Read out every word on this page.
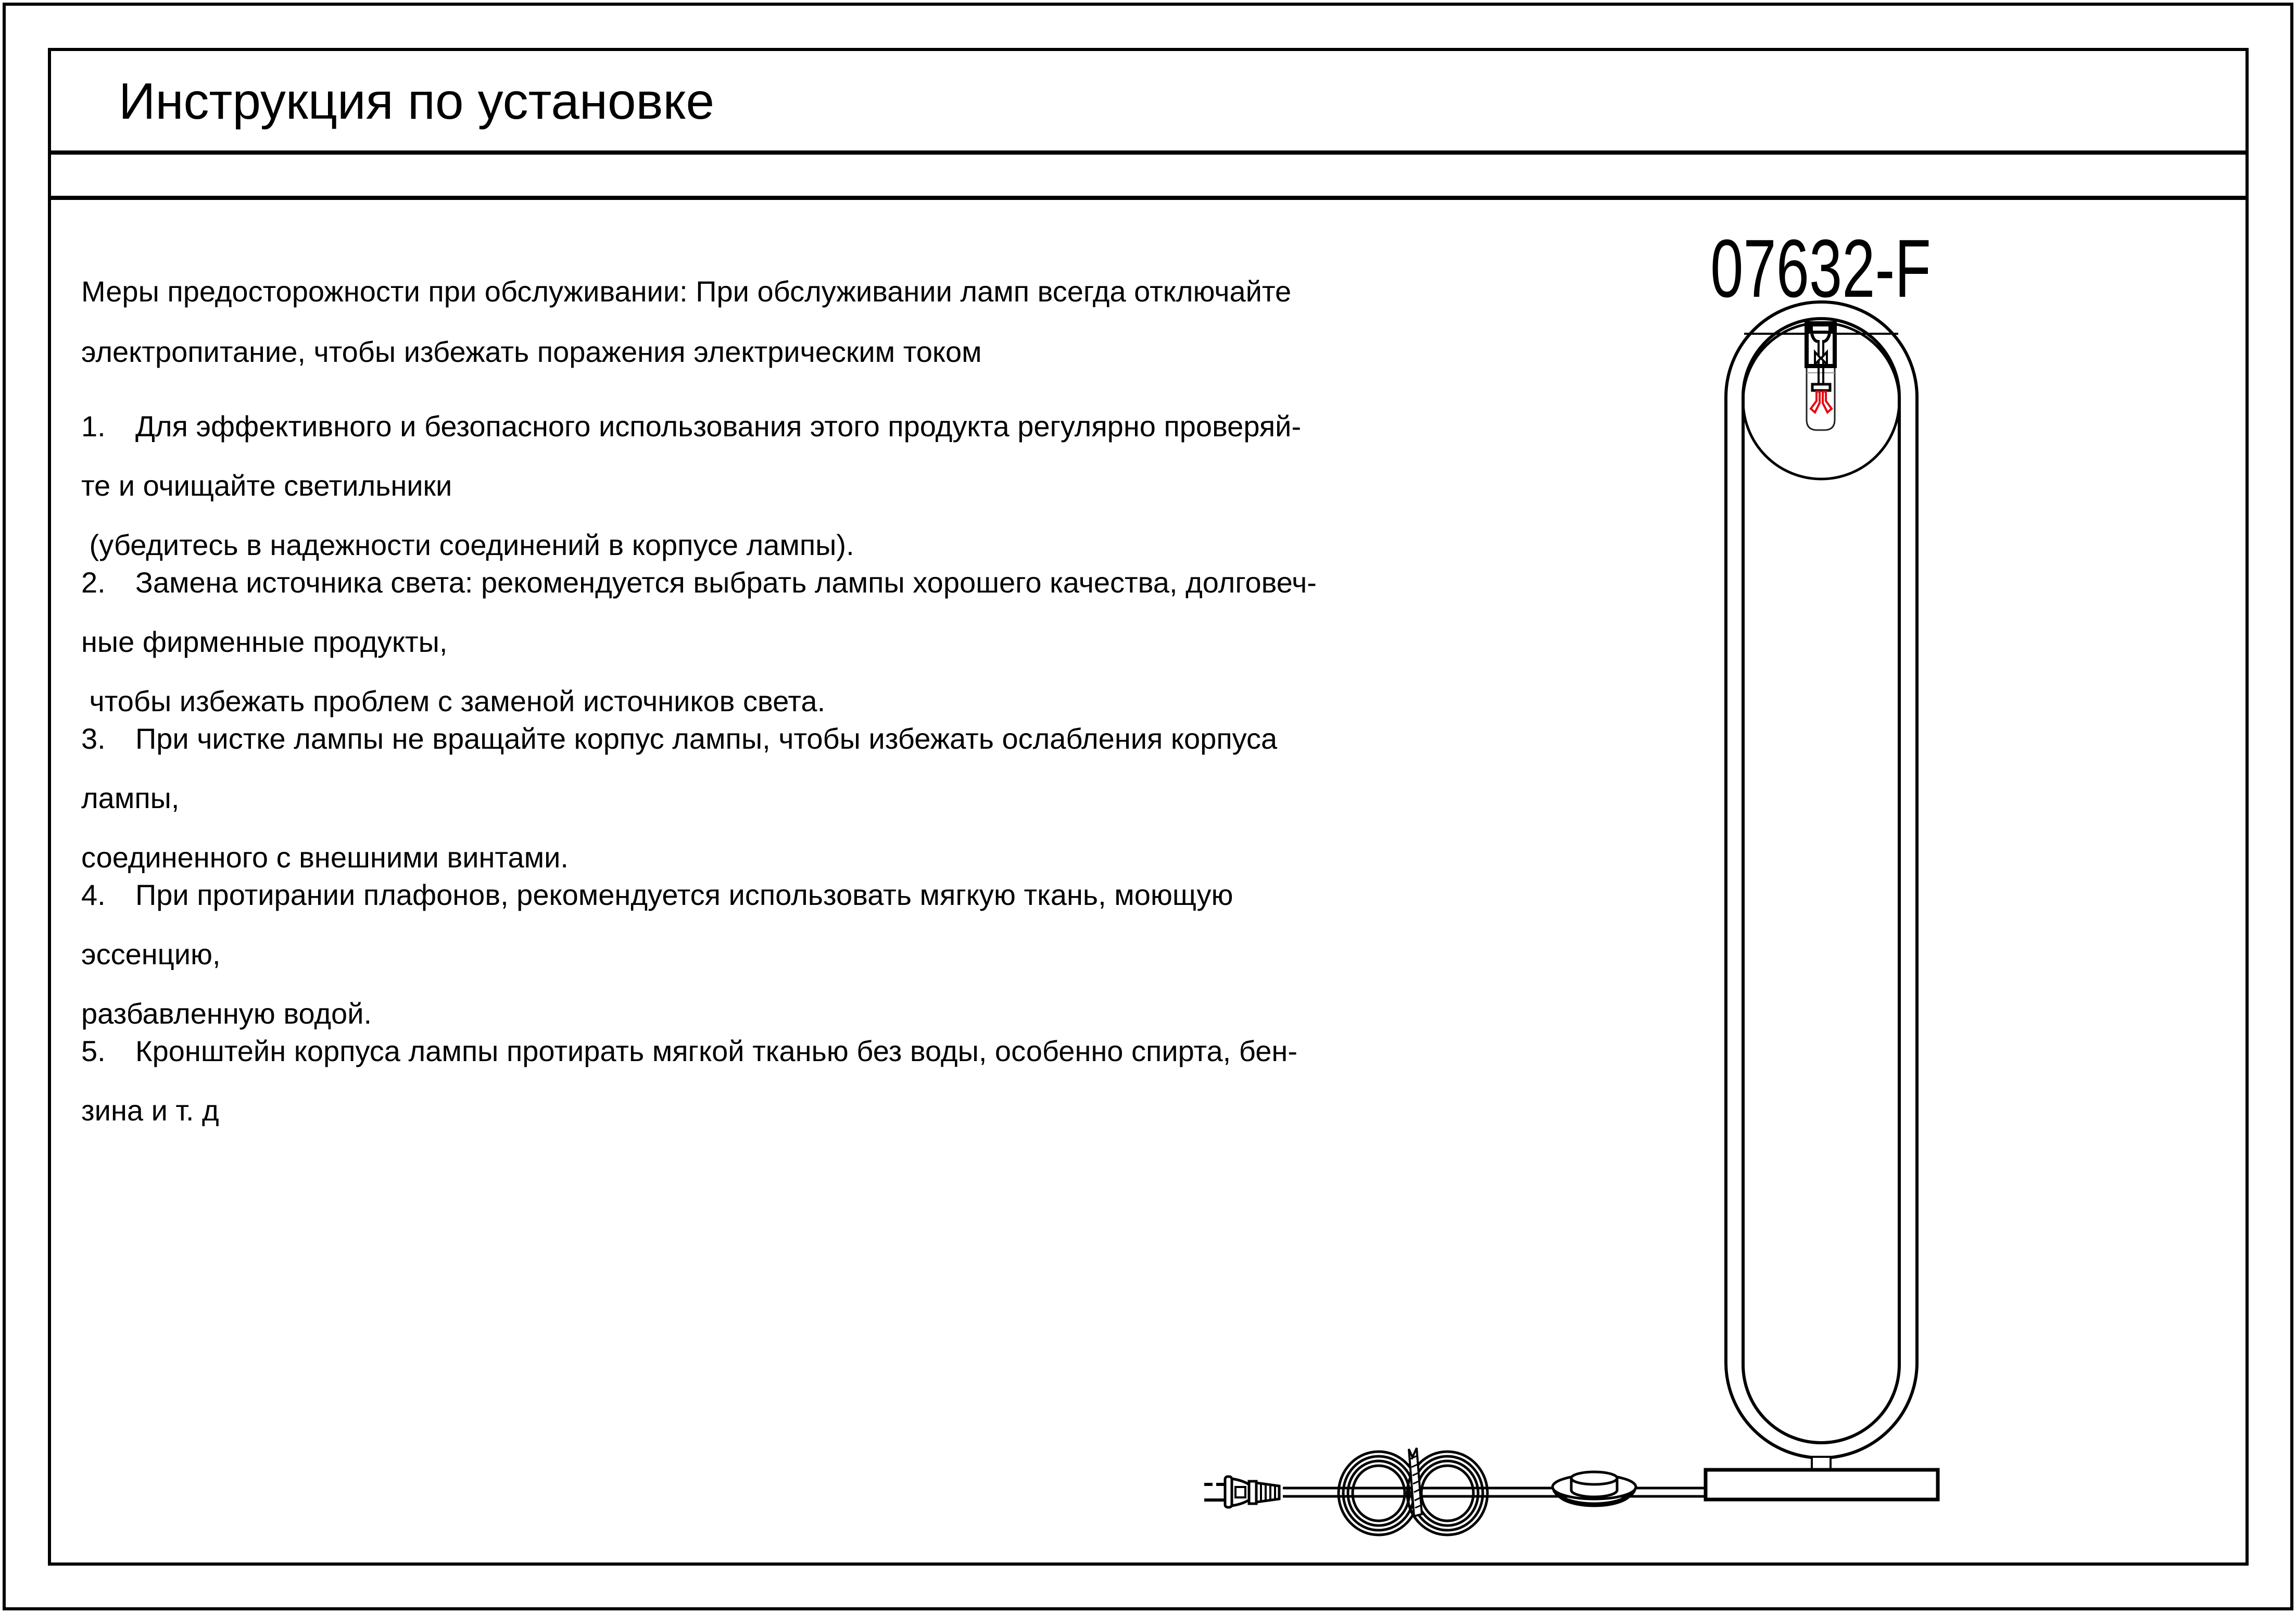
Инструкция по установке
07632-F

Меры предосторожности при обслуживании: При обслуживании ламп всегда отключайте

электропитание, чтобы избежать поражения электрическим током

1.	Для эффективного и безопасного использования этого продукта регулярно проверяй-

те и очищайте светильники

(убедитесь в надежности соединений в корпусе лампы).

2.	Замена источника света: рекомендуется выбрать лампы хорошего качества, долговеч-

ные фирменные продукты,

чтобы избежать проблем с заменой источников света.

3.	При чистке лампы не вращайте корпус лампы, чтобы избежать ослабления корпуса

лампы,

соединенного с внешними винтами.

4.	При протирании плафонов, рекомендуется использовать мягкую ткань, моющую

эссенцию,

разбавленную водой.

5.	Кронштейн корпуса лампы протирать мягкой тканью без воды, особенно спирта, бен-

зина и т. д
